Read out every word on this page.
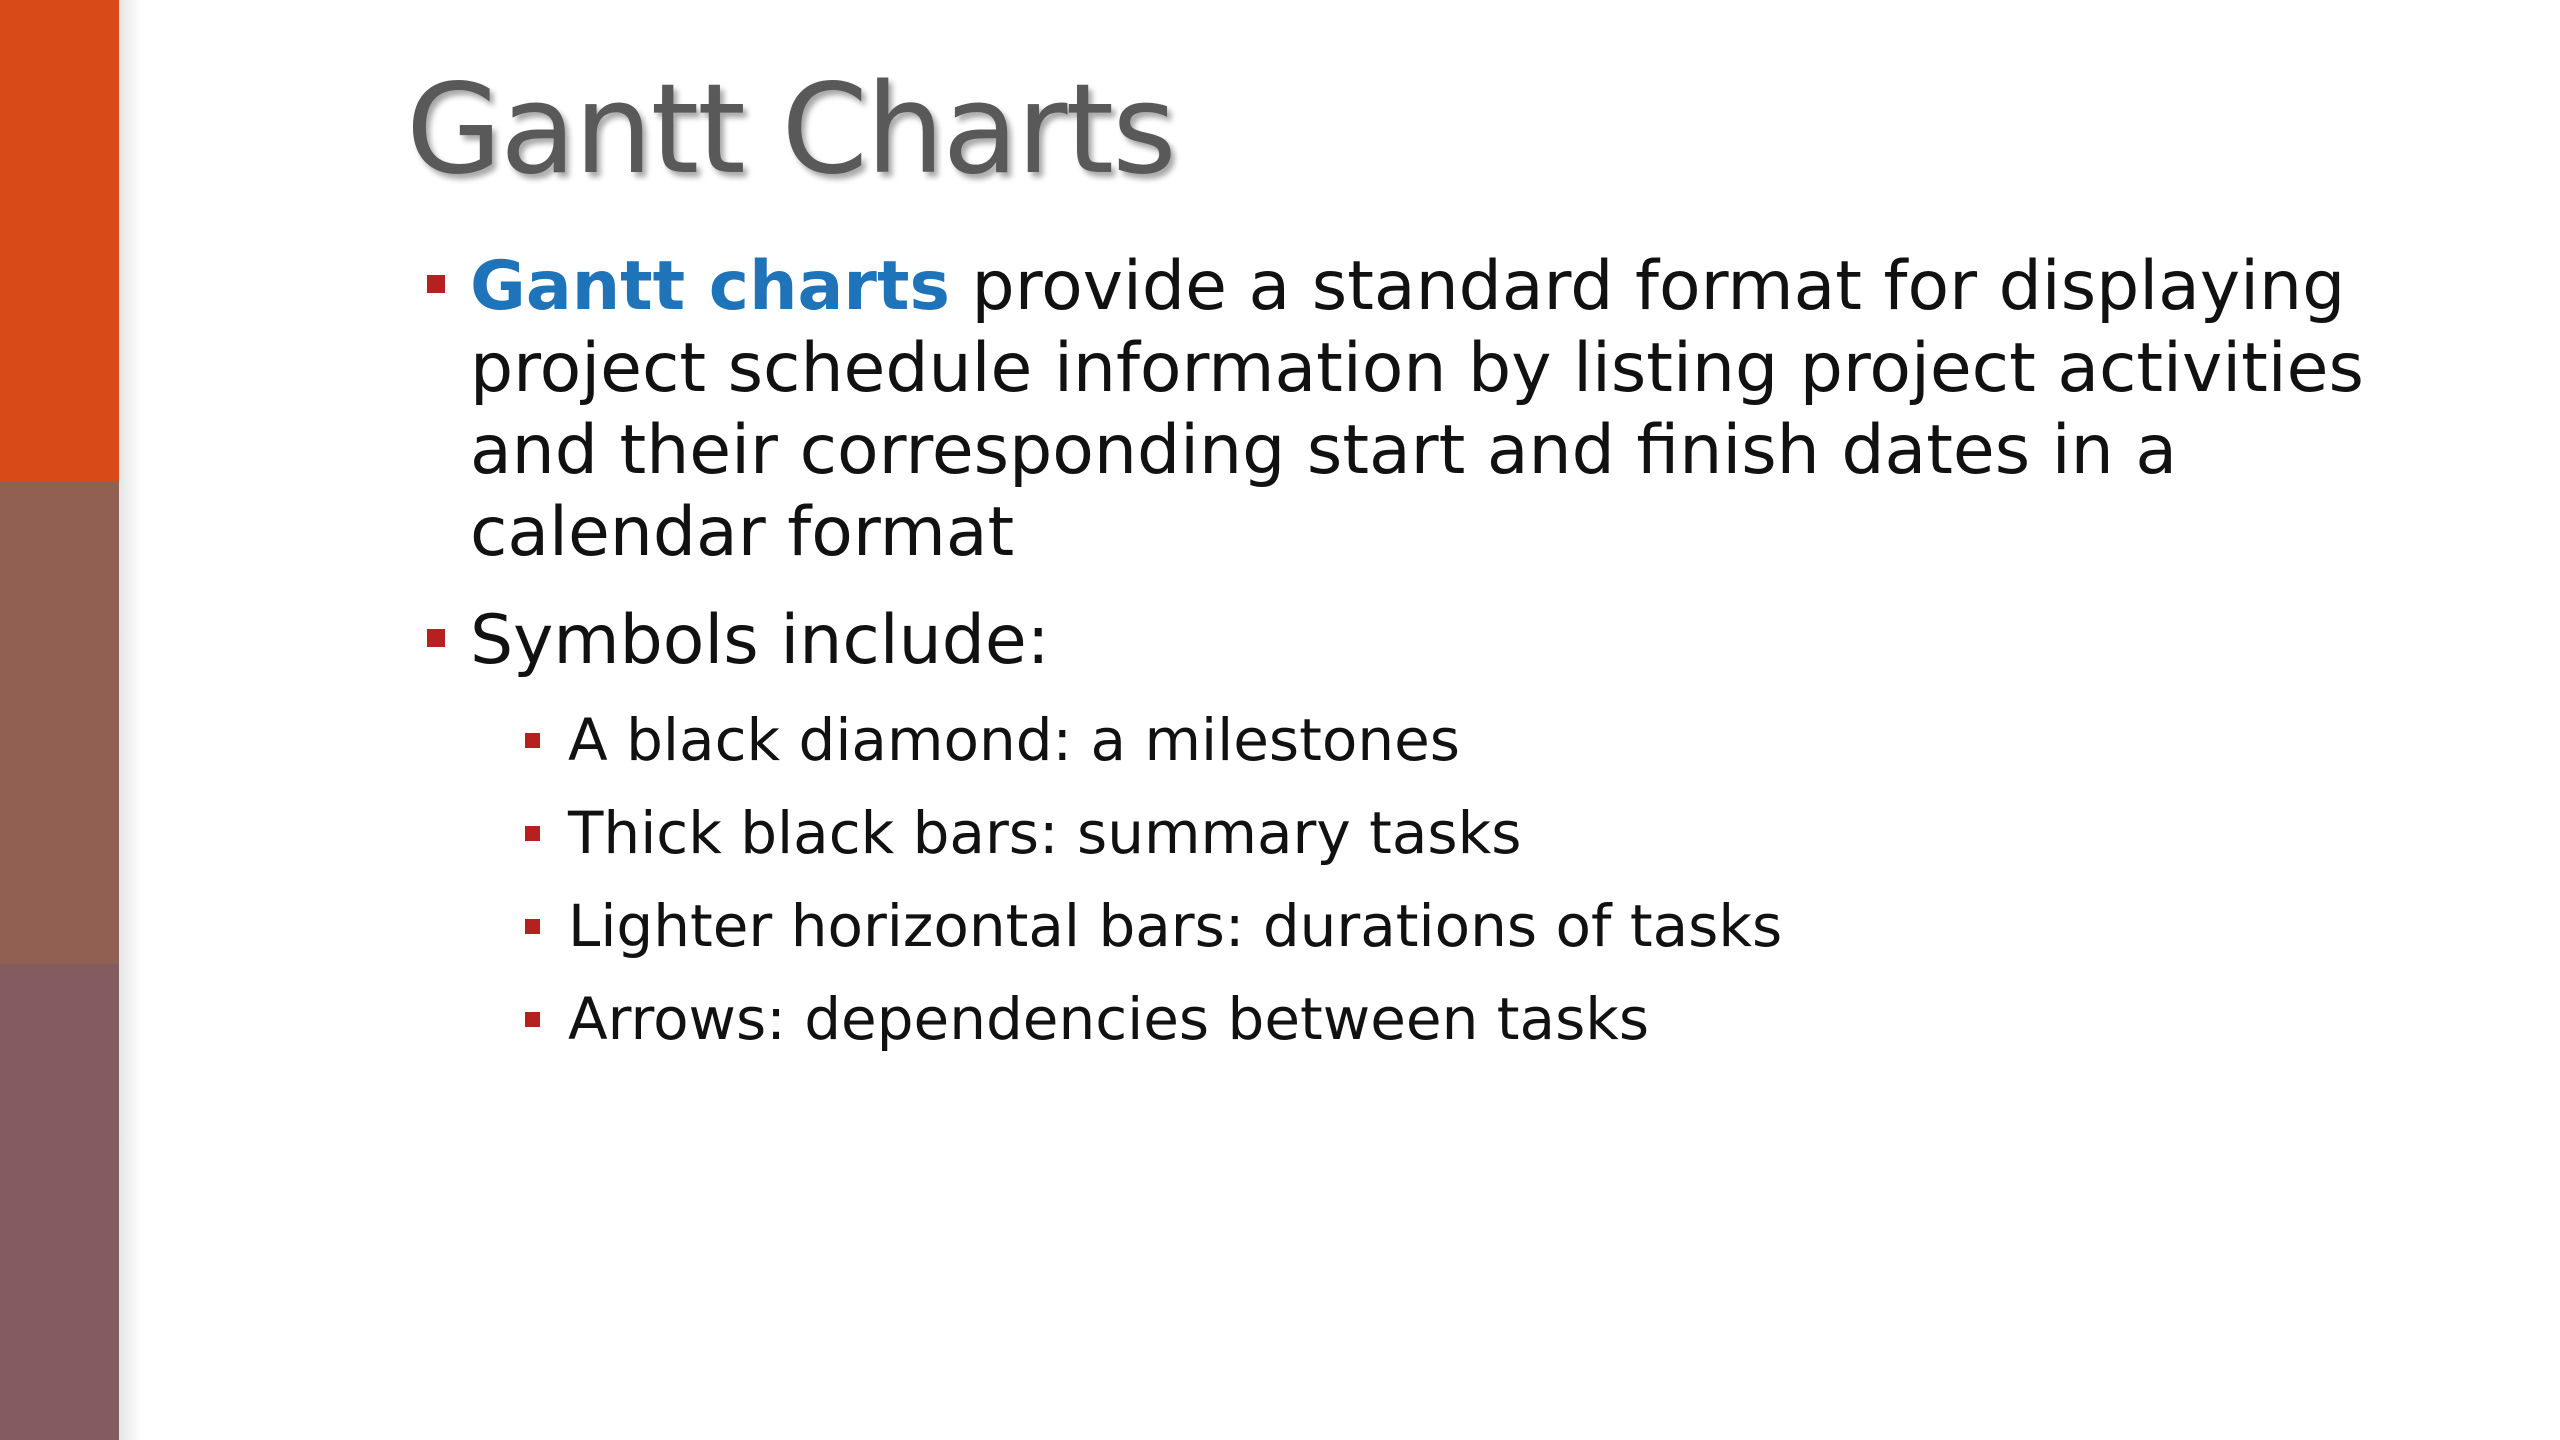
Gantt Charts
Gantt charts provide a standard format for displaying project schedule information by listing project activities and their corresponding start and finish dates in a calendar format
Symbols include:
A black diamond: a milestones
Thick black bars: summary tasks
Lighter horizontal bars: durations of tasks
Arrows: dependencies between tasks
